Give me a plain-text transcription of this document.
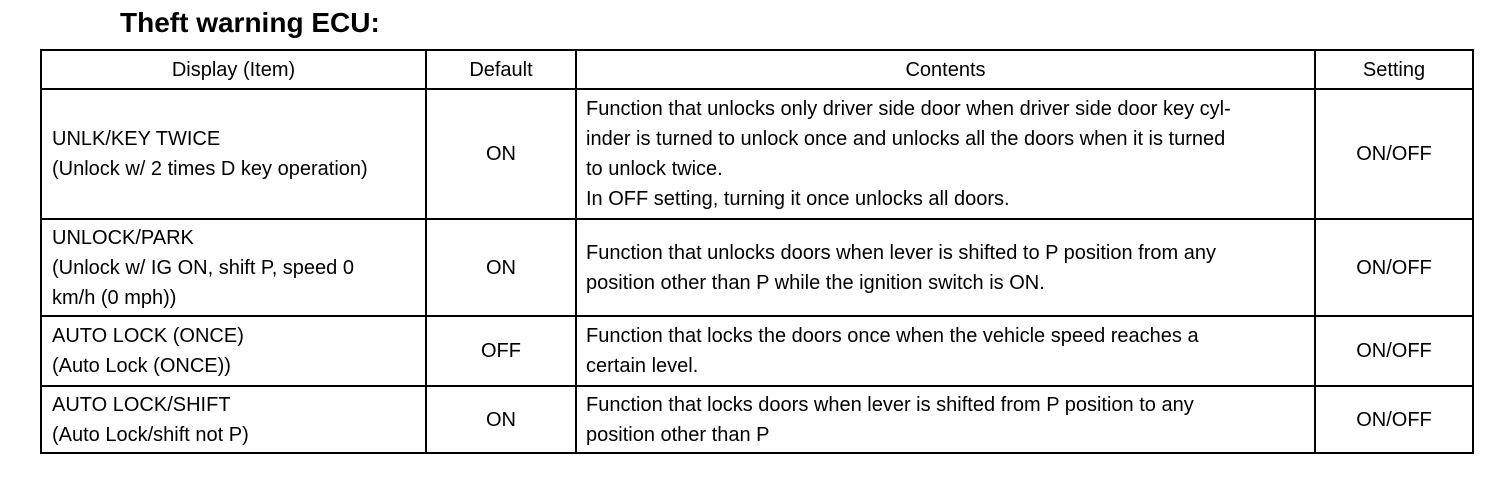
Theft warning ECU:
Display (Item)	Default	Contents	Setting

UNLK/KEY TWICE
(Unlock w/ 2 times D key operation)	ON	Function that unlocks only driver side door when driver side door key cyl-
inder is turned to unlock once and unlocks all the doors when it is turned
to unlock twice.
In OFF setting, turning it once unlocks all doors.	ON/OFF

UNLOCK/PARK
(Unlock w/ IG ON, shift P, speed 0
km/h (0 mph))	ON	Function that unlocks doors when lever is shifted to P position from any
position other than P while the ignition switch is ON.	ON/OFF

AUTO LOCK (ONCE)
(Auto Lock (ONCE))	OFF	Function that locks the doors once when the vehicle speed reaches a
certain level.	ON/OFF

AUTO LOCK/SHIFT
(Auto Lock/shift not P)	ON	Function that locks doors when lever is shifted from P position to any
position other than P	ON/OFF
